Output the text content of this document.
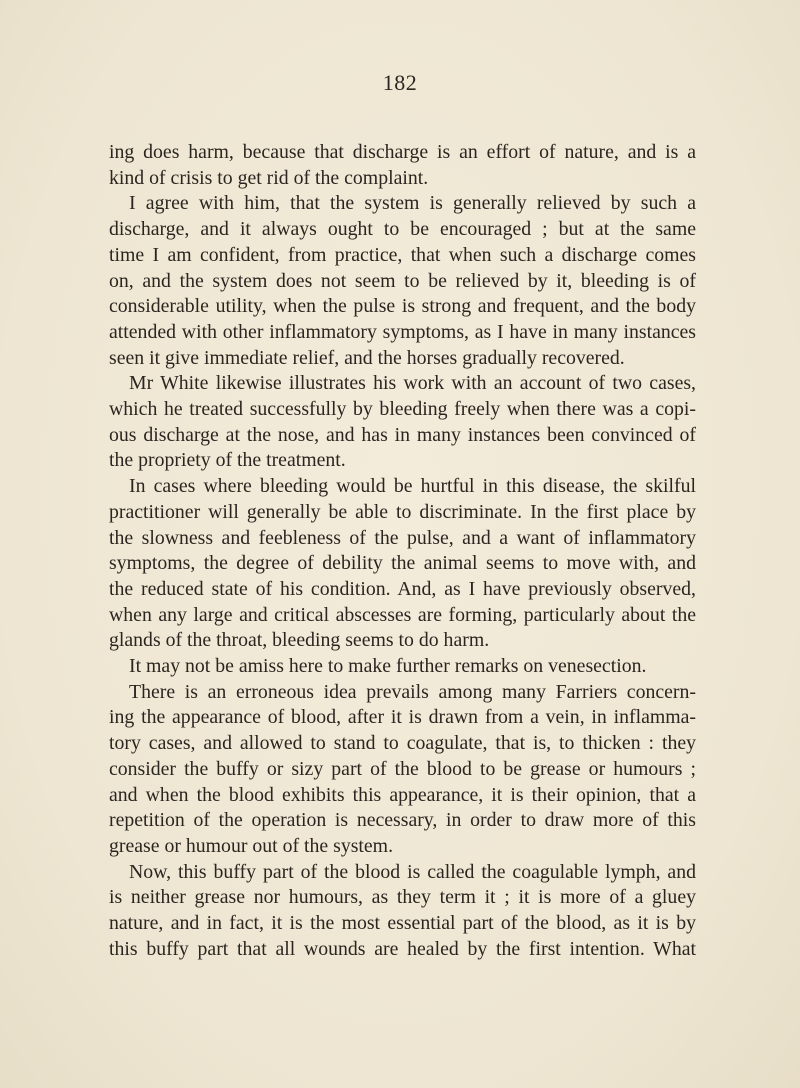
182
ing does harm, because that discharge is an effort of nature, and is a
kind of crisis to get rid of the complaint.
I agree with him, that the system is generally relieved by such a
discharge, and it always ought to be encouraged ; but at the same
time I am confident, from practice, that when such a discharge comes
on, and the system does not seem to be relieved by it, bleeding is of
considerable utility, when the pulse is strong and frequent, and the body
attended with other inflammatory symptoms, as I have in many instances
seen it give immediate relief, and the horses gradually recovered.
Mr White likewise illustrates his work with an account of two cases,
which he treated successfully by bleeding freely when there was a copi-
ous discharge at the nose, and has in many instances been convinced of
the propriety of the treatment.
In cases where bleeding would be hurtful in this disease, the skilful
practitioner will generally be able to discriminate. In the first place by
the slowness and feebleness of the pulse, and a want of inflammatory
symptoms, the degree of debility the animal seems to move with, and
the reduced state of his condition. And, as I have previously observed,
when any large and critical abscesses are forming, particularly about the
glands of the throat, bleeding seems to do harm.
It may not be amiss here to make further remarks on venesection.
There is an erroneous idea prevails among many Farriers concern-
ing the appearance of blood, after it is drawn from a vein, in inflamma-
tory cases, and allowed to stand to coagulate, that is, to thicken : they
consider the buffy or sizy part of the blood to be grease or humours ;
and when the blood exhibits this appearance, it is their opinion, that a
repetition of the operation is necessary, in order to draw more of this
grease or humour out of the system.
Now, this buffy part of the blood is called the coagulable lymph, and
is neither grease nor humours, as they term it ; it is more of a gluey
nature, and in fact, it is the most essential part of the blood, as it is by
this buffy part that all wounds are healed by the first intention. What
